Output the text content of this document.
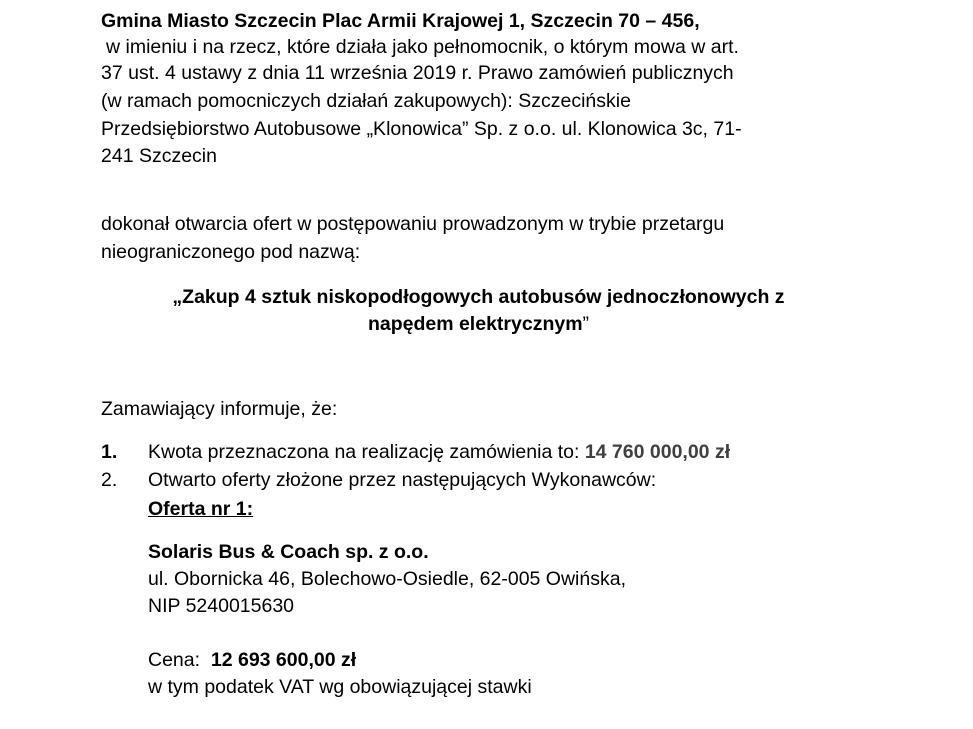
Gmina Miasto Szczecin Plac Armii Krajowej 1, Szczecin 70 – 456,
w imieniu i na rzecz, które działa jako pełnomocnik, o którym mowa w art.
37 ust. 4 ustawy z dnia 11 września 2019 r. Prawo zamówień publicznych
(w ramach pomocniczych działań zakupowych): Szczecińskie
Przedsiębiorstwo Autobusowe „Klonowica” Sp. z o.o. ul. Klonowica 3c, 71-
241 Szczecin
dokonał otwarcia ofert w postępowaniu prowadzonym w trybie przetargu
nieograniczonego pod nazwą:
„Zakup 4 sztuk niskopodłogowych autobusów jednoczłonowych z
napędem elektrycznym”
Zamawiający informuje, że:
1. Kwota przeznaczona na realizację zamówienia to: 14 760 000,00 zł
2. Otwarto oferty złożone przez następujących Wykonawców:
Oferta nr 1:
Solaris Bus & Coach sp. z o.o.
ul. Obornicka 46, Bolechowo-Osiedle, 62-005 Owińska,
NIP 5240015630
Cena:  12 693 600,00 zł
w tym podatek VAT wg obowiązującej stawki
